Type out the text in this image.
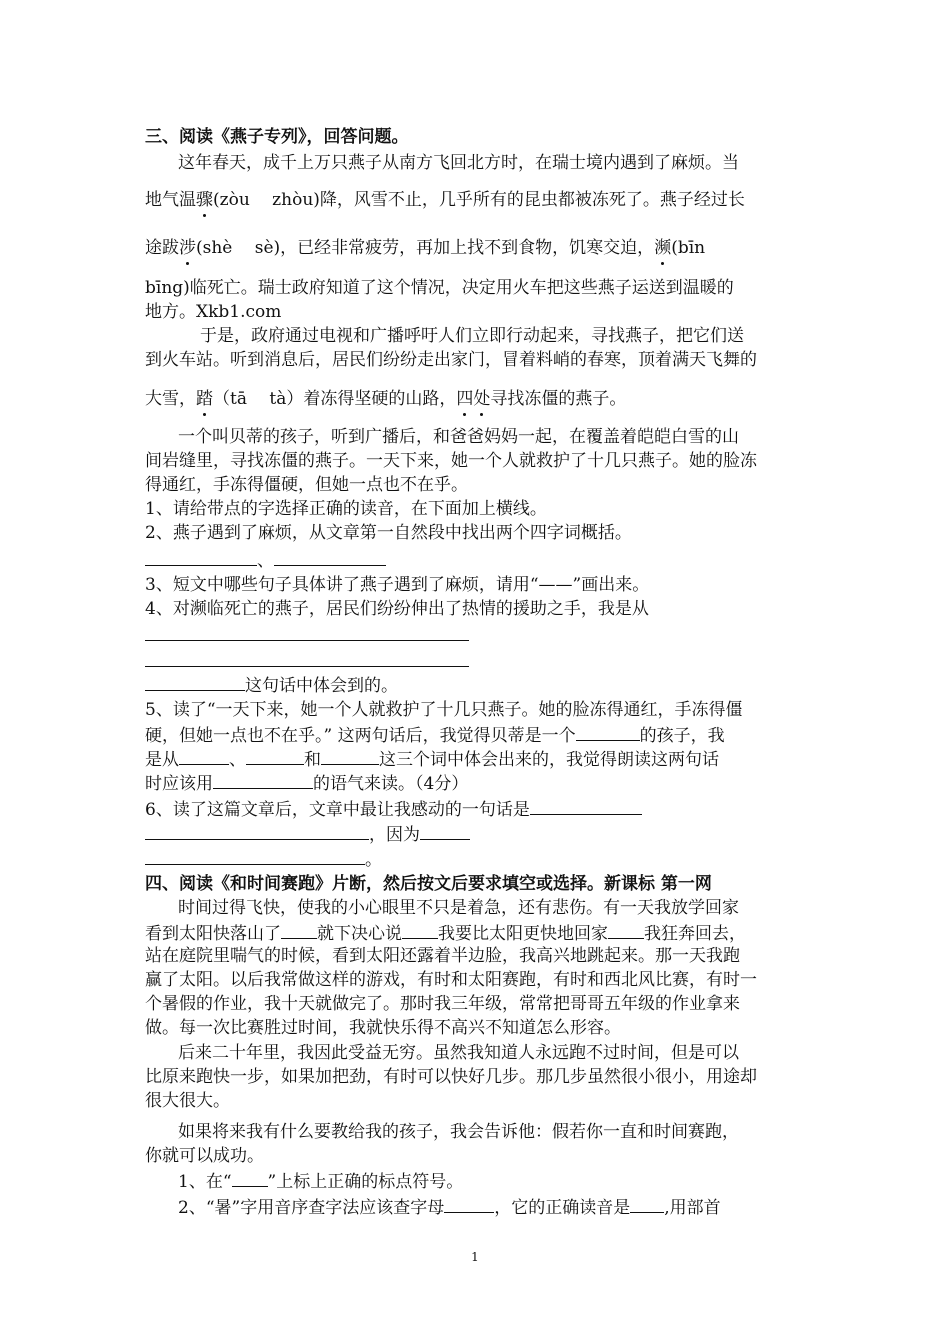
三、阅读《燕子专列》，回答问题。
这年春天，成千上万只燕子从南方飞回北方时，在瑞士境内遇到了麻烦。当
地气温骤(zòu　 zhòu)降，风雪不止，几乎所有的昆虫都被冻死了。燕子经过长
途跋涉(shè　 sè)，已经非常疲劳，再加上找不到食物，饥寒交迫，濒(bīn
bīng)临死亡。瑞士政府知道了这个情况，决定用火车把这些燕子运送到温暖的
地方。Xkb1.com
于是，政府通过电视和广播呼吁人们立即行动起来，寻找燕子，把它们送
到火车站。听到消息后，居民们纷纷走出家门，冒着料峭的春寒，顶着满天飞舞的
大雪，踏（tā　 tà）着冻得坚硬的山路，四处寻找冻僵的燕子。
一个叫贝蒂的孩子，听到广播后，和爸爸妈妈一起，在覆盖着皑皑白雪的山
间岩缝里，寻找冻僵的燕子。一天下来，她一个人就救护了十几只燕子。她的脸冻
得通红，手冻得僵硬，但她一点也不在乎。
1、请给带点的字选择正确的读音，在下面加上横线。
2、燕子遇到了麻烦，从文章第一自然段中找出两个四字词概括。
、
3、短文中哪些句子具体讲了燕子遇到了麻烦，请用“——”画出来。
4、对濒临死亡的燕子，居民们纷纷伸出了热情的援助之手，我是从
这句话中体会到的。
5、读了“一天下来，她一个人就救护了十几只燕子。她的脸冻得通红，手冻得僵
硬，但她一点也不在乎。” 这两句话后，我觉得贝蒂是一个	的孩子，我
是从	、	和	这三个词中体会出来的，我觉得朗读这两句话
时应该用	的语气来读。（4分）
6、读了这篇文章后，文章中最让我感动的一句话是
，因为
。
四、阅读《和时间赛跑》片断，然后按文后要求填空或选择。新课标 第一网
时间过得飞快，使我的小心眼里不只是着急，还有悲伤。有一天我放学回家
看到太阳快落山了 就下决心说 我要比太阳更快地回家 我狂奔回去，
站在庭院里喘气的时候，看到太阳还露着半边脸，我高兴地跳起来。那一天我跑
赢了太阳。以后我常做这样的游戏，有时和太阳赛跑，有时和西北风比赛，有时一
个暑假的作业，我十天就做完了。那时我三年级，常常把哥哥五年级的作业拿来
做。每一次比赛胜过时间，我就快乐得不高兴不知道怎么形容。
后来二十年里，我因此受益无穷。虽然我知道人永远跑不过时间，但是可以
比原来跑快一步，如果加把劲，有时可以快好几步。那几步虽然很小很小，用途却
很大很大。
如果将来我有什么要教给我的孩子，我会告诉他：假若你一直和时间赛跑，
你就可以成功。
1、在“ ”上标上正确的标点符号。
2、“暑”字用音序查字法应该查字母	，它的正确读音是 ,用部首
1
